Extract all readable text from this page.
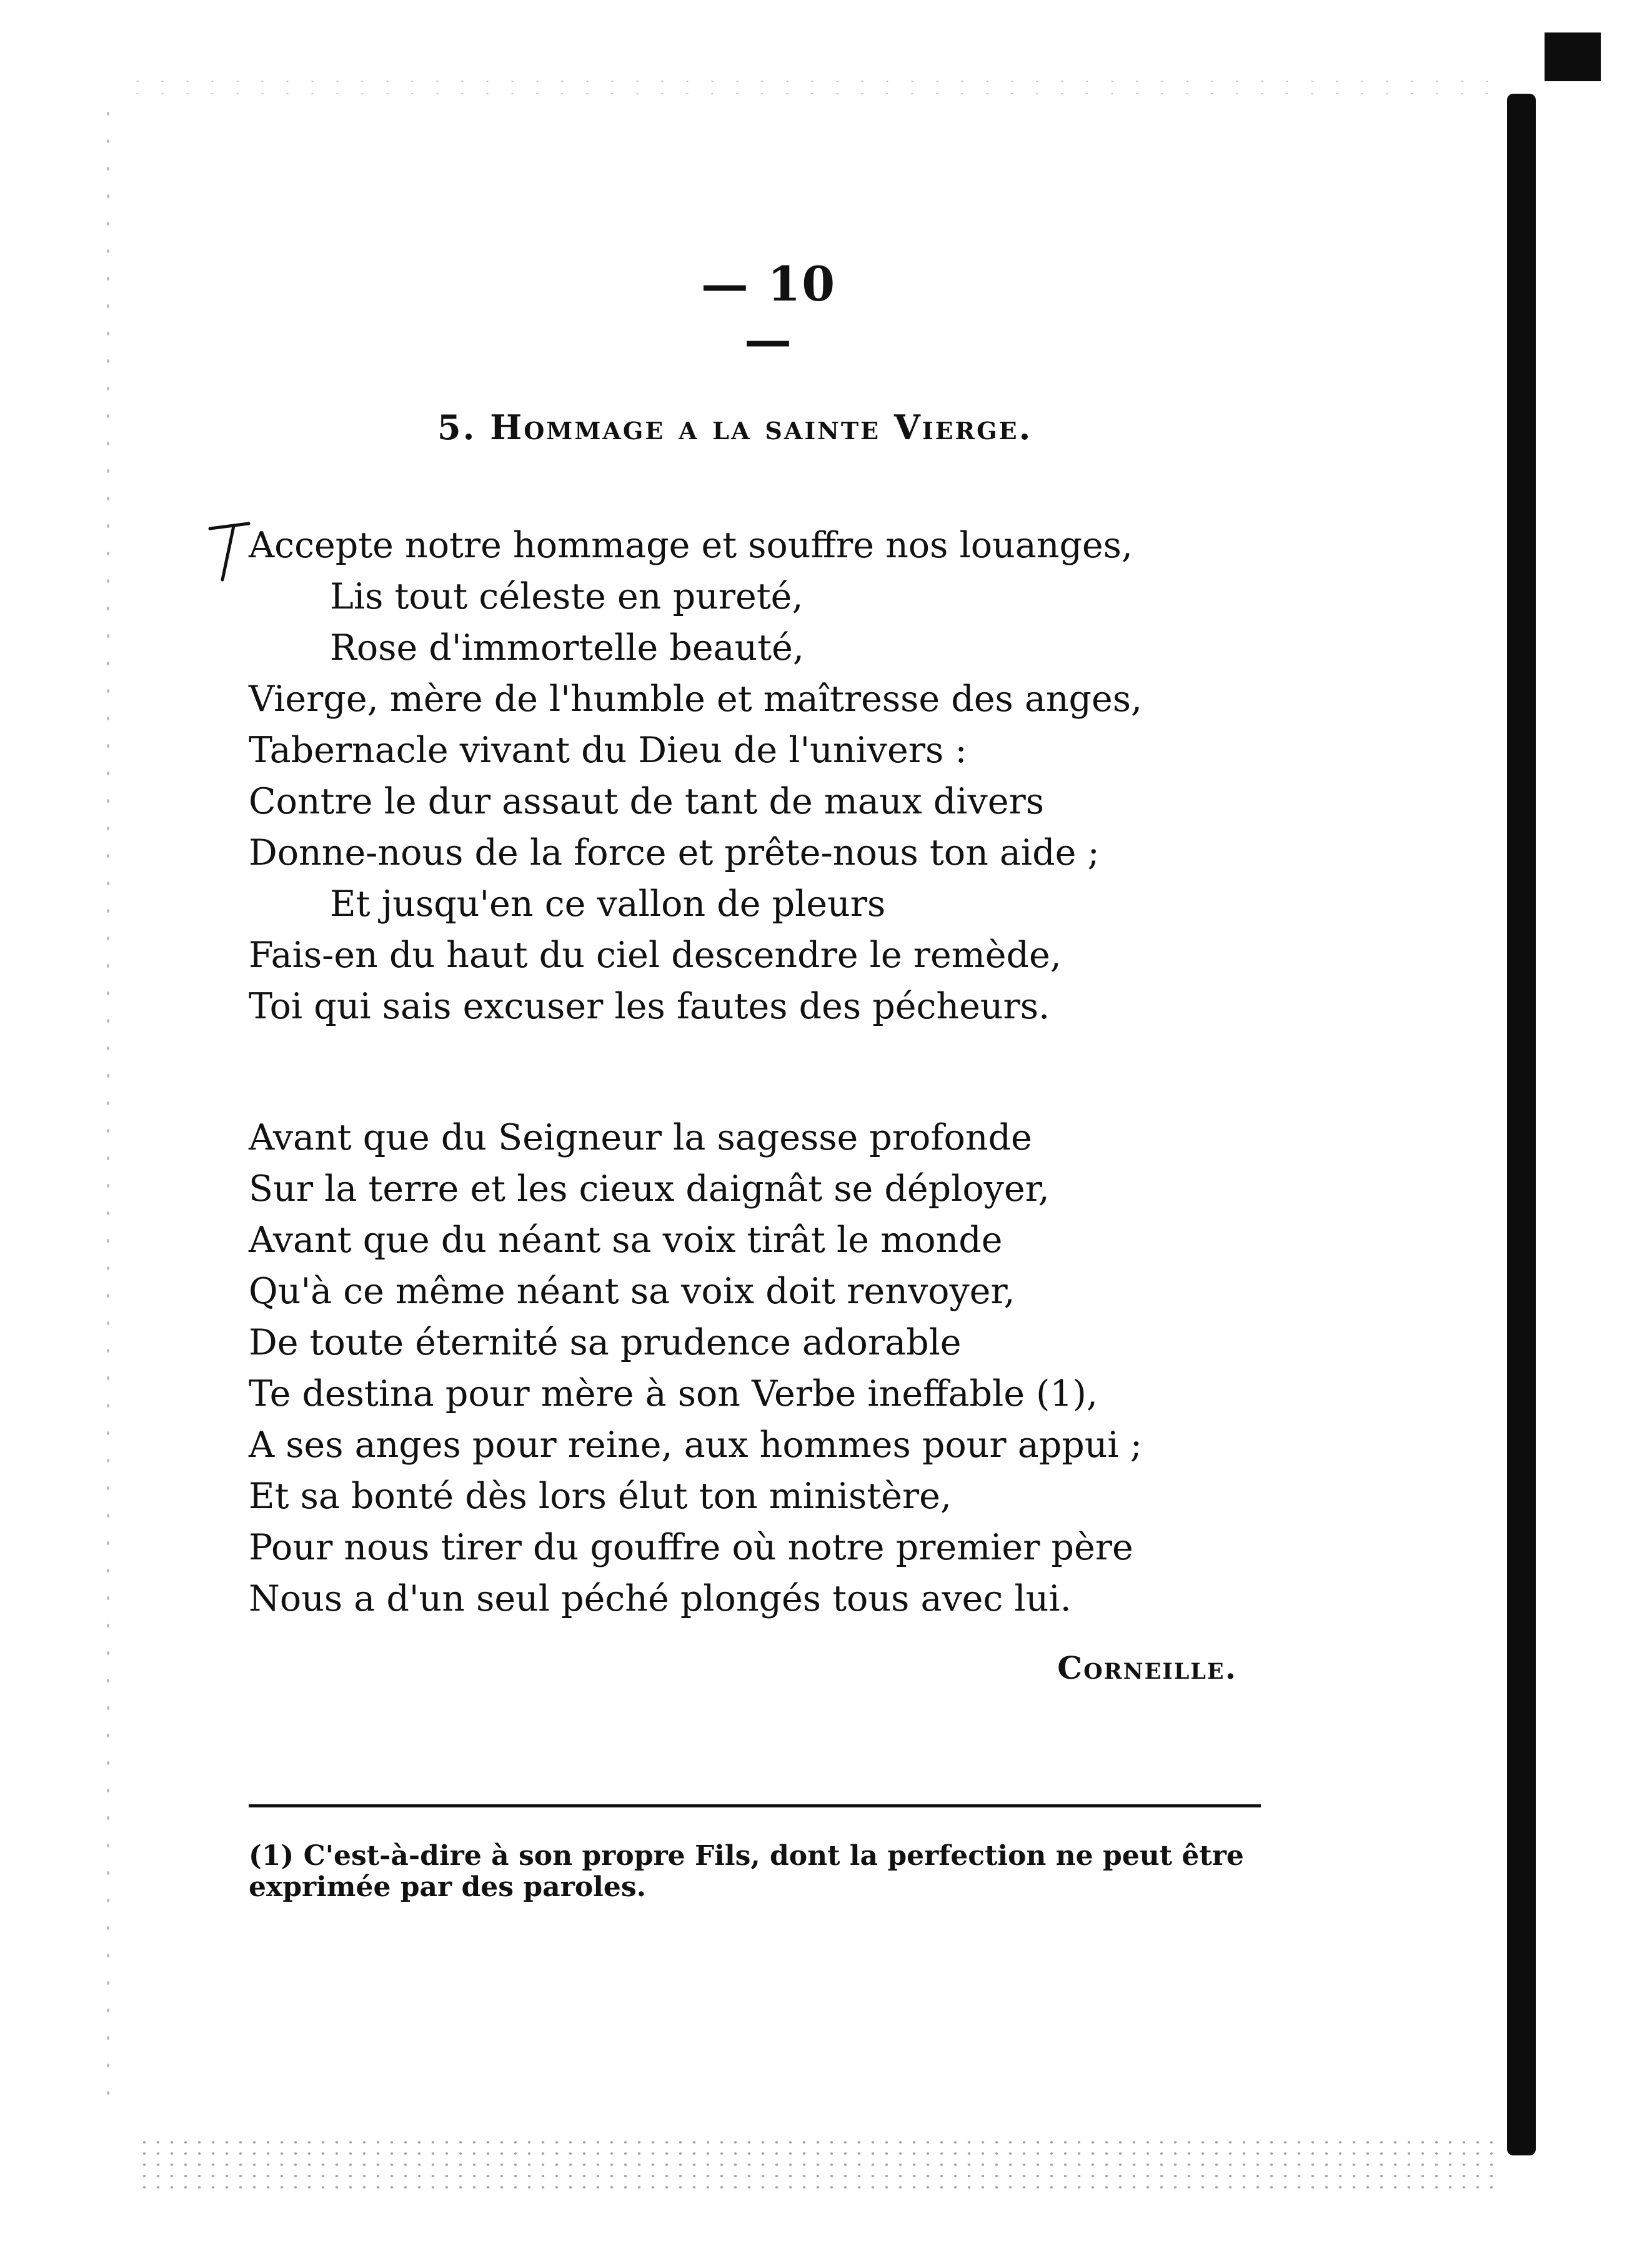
— 10 —
5. Hommage a la sainte Vierge.
Accepte notre hommage et souffre nos louanges,
Lis tout céleste en pureté,
Rose d'immortelle beauté,
Vierge, mère de l'humble et maîtresse des anges,
Tabernacle vivant du Dieu de l'univers :
Contre le dur assaut de tant de maux divers
Donne-nous de la force et prête-nous ton aide ;
Et jusqu'en ce vallon de pleurs
Fais-en du haut du ciel descendre le remède,
Toi qui sais excuser les fautes des pécheurs.
Avant que du Seigneur la sagesse profonde
Sur la terre et les cieux daignât se déployer,
Avant que du néant sa voix tirât le monde
Qu'à ce même néant sa voix doit renvoyer,
De toute éternité sa prudence adorable
Te destina pour mère à son Verbe ineffable (1),
A ses anges pour reine, aux hommes pour appui ;
Et sa bonté dès lors élut ton ministère,
Pour nous tirer du gouffre où notre premier père
Nous a d'un seul péché plongés tous avec lui.
Corneille.
(1) C'est-à-dire à son propre Fils, dont la perfection ne peut être
exprimée par des paroles.
